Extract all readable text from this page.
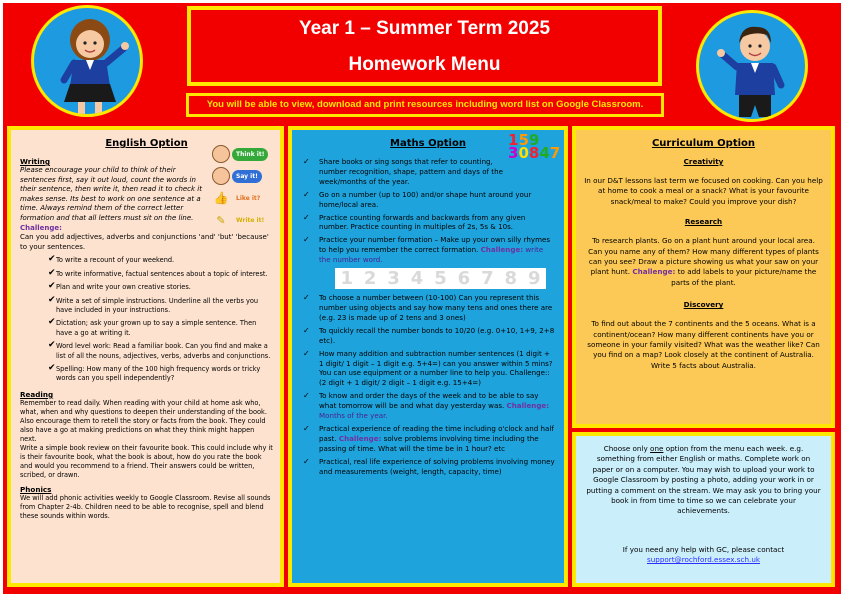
Year 1 – Summer Term 2025
Homework Menu
You will be able to view, download and print resources including word list on Google Classroom.
English Option
Think it!
Say it!
👍	Like it?
✎	Write it!
Writing
Please encourage your child to think of their sentences first, say it out loud, count the words in their sentence, then write it, then read it to check it makes sense. Its best to work on one sentence at a time. Always remind them of the correct letter formation and that all letters must sit on the line. Challenge:
Can you add adjectives, adverbs and conjunctions 'and' 'but' 'because' to your sentences.
✔ To write a recount of your weekend.
✔ To write informative, factual sentences about a topic of interest.
✔ Plan and write your own creative stories.
✔ Write a set of simple instructions. Underline all the verbs you have included in your instructions.
✔ Dictation; ask your grown up to say a simple sentence. Then have a go at writing it.
✔ Word level work: Read a familiar book. Can you find and make a list of all the nouns, adjectives, verbs, adverbs and conjunctions.
✔ Spelling: How many of the 100 high frequency words or tricky words can you spell independently?
Reading
Remember to read daily. When reading with your child at home ask who, what, when and why questions to deepen their understanding of the book. Also encourage them to retell the story or facts from the book. They could also have a go at making predictions on what they think might happen next.
Write a simple book review on their favourite book. This could include why it is their favourite book, what the book is about, how do you rate the book and would you recommend to a friend. Their answers could be written, scribed, or drawn.
Phonics
We will add phonic activities weekly to Google Classroom. Revise all sounds from Chapter 2-4b. Children need to be able to recognise, spell and blend these sounds within words.
Maths Option	159
30847
✓ Share books or sing songs that refer to counting, number recognition, shape, pattern and days of the week/months of the year.
✓ Go on a number (up to 100) and/or shape hunt around your home/local area.
✓ Practice counting forwards and backwards from any given number. Practice counting in multiples of 2s, 5s & 10s.
✓ Practice your number formation – Make up your own silly rhymes to help you remember the correct formation. Challenge: write the number word.
1 2 3 4 5 6 7 8 9
✓ To choose a number between (10-100) Can you represent this number using objects and say how many tens and ones there are (e.g. 23 is made up of 2 tens and 3 ones)
✓ To quickly recall the number bonds to 10/20 (e.g. 0+10, 1+9, 2+8 etc).
✓ How many addition and subtraction number sentences (1 digit + 1 digit/ 1 digit – 1 digit e.g. 5+4=) can you answer within 5 mins? You can use equipment or a number line to help you. Challenge:: (2 digit + 1 digit/ 2 digit – 1 digit e.g. 15+4=)
✓ To know and order the days of the week and to be able to say what tomorrow will be and what day yesterday was. Challenge: Months of the year.
✓ Practical experience of reading the time including o'clock and half past. Challenge: solve problems involving time including the passing of time. What will the time be in 1 hour? etc
✓ Practical, real life experience of solving problems involving money and measurements (weight, length, capacity, time)
Curriculum Option
Creativity
In our D&T lessons last term we focused on cooking. Can you help at home to cook a meal or a snack? What is your favourite snack/meal to make? Could you improve your dish?
Research
To research plants. Go on a plant hunt around your local area. Can you name any of them? How many different types of plants can you see? Draw a picture showing us what your saw on your plant hunt. Challenge: to add labels to your picture/name the parts of the plant.
Discovery
To find out about the 7 continents and the 5 oceans. What is a continent/ocean? How many different continents have you or someone in your family visited? What was the weather like? Can you find on a map? Look closely at the continent of Australia. Write 5 facts about Australia.
Choose only one option from the menu each week. e.g. something from either English or maths. Complete work on paper or on a computer. You may wish to upload your work to Google Classroom by posting a photo, adding your work in or putting a comment on the stream. We may ask you to bring your book in from time to time so we can celebrate your achievements.
If you need any help with GC, please contact
support@rochford.essex.sch.uk
